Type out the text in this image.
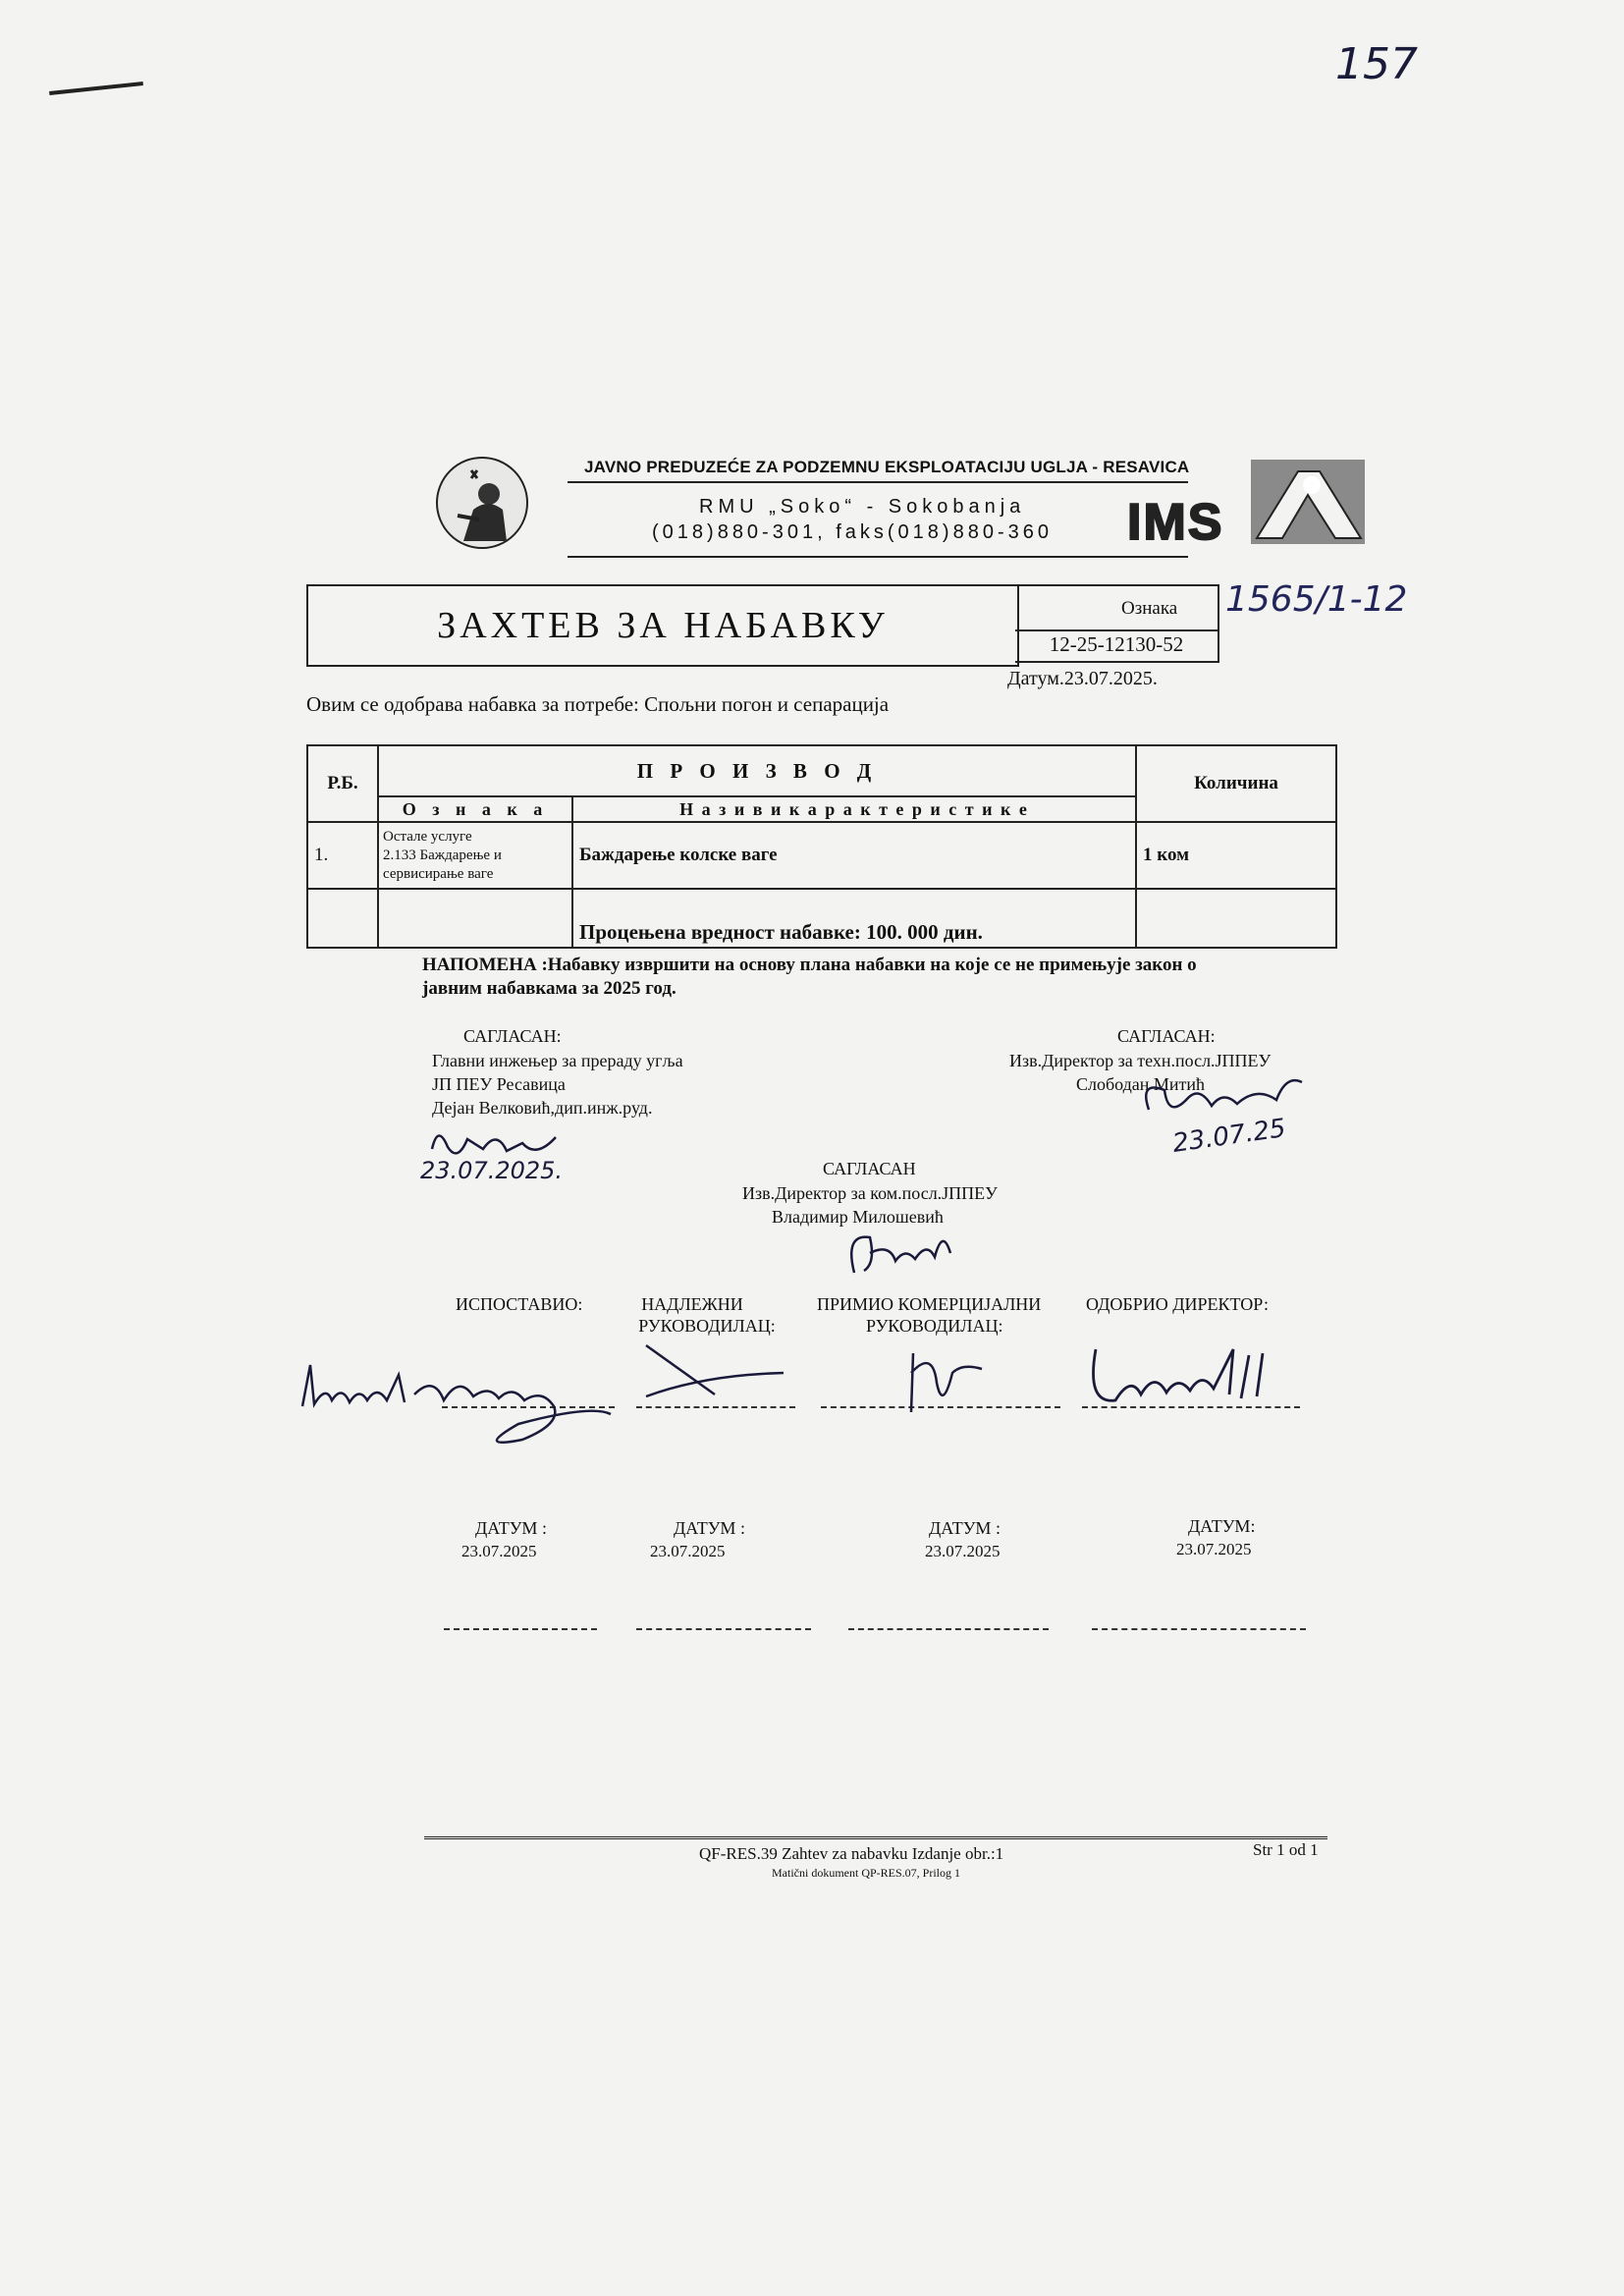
157
JAVNO PREDUZEĆE ZA PODZEMNU EKSPLOATACIJU UGLJA - RESAVICA
RMU „Soko“ - Sokobanja
(018)880-301, faks(018)880-360 IMS
ЗАХТЕВ ЗА НАБАВКУ	Ознака 1565/1-12
12-25-12130-52
Датум.23.07.2025.
Овим се одобрава набавка за потребе: Спољни погон и сепарација
Р.Б.	П Р О И З В О Д		Количина
	О з н а к а	Н а з и в и к а р а к т е р и с т и к е	
1.	Остале услуге
2.133 Баждарење и
сервисирање ваге	Баждарење колске ваге	1 ком
		Процењена вредност набавке: 100. 000 дин.	
НАПОМЕНА :Набавку извршити на основу плана набавки на које се не примењује закон о
јавним набавкама за 2025 год.
САГЛАСАН:
Главни инжењер за прераду угља
ЈП ПЕУ Ресавица
Дејан Велковић,дип.инж.руд.
23.07.2025.
САГЛАСАН:
Изв.Директор за техн.посл.ЈППЕУ
Слободан Митић
23.07.25
САГЛАСАН
Изв.Директор за ком.посл.ЈППЕУ
Владимир Милошевић
ИСПОСТАВИО:	НАДЛЕЖНИ
РУКОВОДИЛАЦ:
ПРИМИО КОМЕРЦИЈАЛНИ
РУКОВОДИЛАЦ:
ОДОБРИО ДИРЕКТОР:
ДАТУМ :
23.07.2025
ДАТУМ :
23.07.2025
ДАТУМ :
23.07.2025
ДАТУМ:
23.07.2025
QF-RES.39 Zahtev za nabavku Izdanje obr.:1	Str 1 od 1
Matični dokument QP-RES.07, Prilog 1
